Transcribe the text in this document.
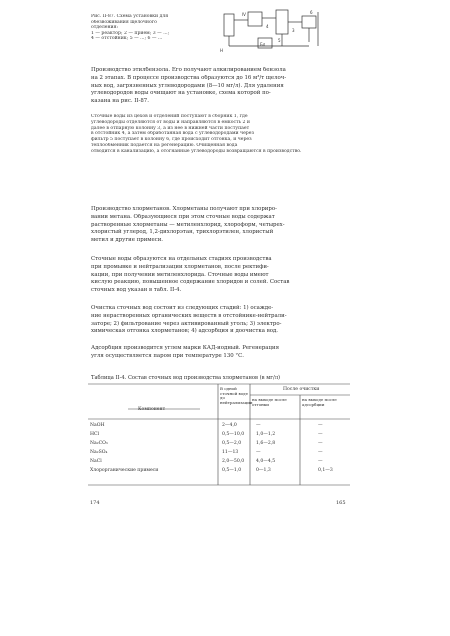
Рис. II-87. Схема установки для
обезвоживания щелочного
отделения:
1 — реактор; 2 — прием; 3 — ...;
4 — отстойник; 5 — ...; 6 — ...
IV
5
6
4
3
Бл
Н
Производство этилбензола. Его получают алкилированием бензола
на 2 этапах. В процессе производства образуются до 16 м³/т щелоч-
ных вод, загрязненных углеводородами (8—10 мг/л). Для удаления
углеводородов воды очищают на установке, схема которой по-
казана на рис. II-87.
Сточные воды из цехов и отделений поступают в сборник 1, где
углеводороды отделяются от воды и направляются в емкость 2 и
далее в отпарную колонну 3, а из нее в нижней части поступает
в отстойник 4, а затем обработанная вода с углеводородами через
фильтр 5 поступает в колонну 6, где происходит отгонка, и через
теплообменник подается на регенерацию. Очищенная вода
отводится в канализацию, а отогнанные углеводороды возвращаются в производство.
Производство хлорметанов. Хлорметаны получают при хлориро-
вании метана. Образующиеся при этом сточные воды содержат
растворенные хлорметаны — метиленхлорид, хлороформ, четырех-
хлористый углерод, 1,2-дихлорэтан, трихлорэтилен, хлористый
метил и другие примеси.
Сточные воды образуются на отдельных стадиях производства
при промывке и нейтрализации хлорметанов, после ректифи-
кации, при получении метиленхлорида. Сточные воды имеют
кислую реакцию, повышенное содержание хлоридов и солей. Состав
сточных вод указан в табл. II-4.
Очистка сточных вод состоит из следующих стадий: 1) осажде-
ние нерастворенных органических веществ в отстойнике-нейтрали-
заторе; 2) фильтрование через активированный уголь; 3) электро-
химическая отгонка хлорметанов; 4) адсорбция и доочистка вод.
Адсорбция производится углем марки КАД-иодный. Регенерация
угля осуществляется паром при температуре 130 °С.
Таблица II-4. Состав сточных вод производства хлорметанов (в мг/л)
Компонент
В одной сточной воде до нейтрализации
После очистки
на выходе после отгонки
на выходе после адсорбции
NaOH	2—4,0	—	—
HCl	0,5—10,0	1,0—1,2	—
Na₂CO₃	0,5—2,0	1,6—2,8	—
Na₂SO₄	11—13	—	—
NaCl	2,0—50,0	4,0—4,5	—
Хлорорганические примеси	0,5—1,0	0—1,3	0,1—3
174	165
